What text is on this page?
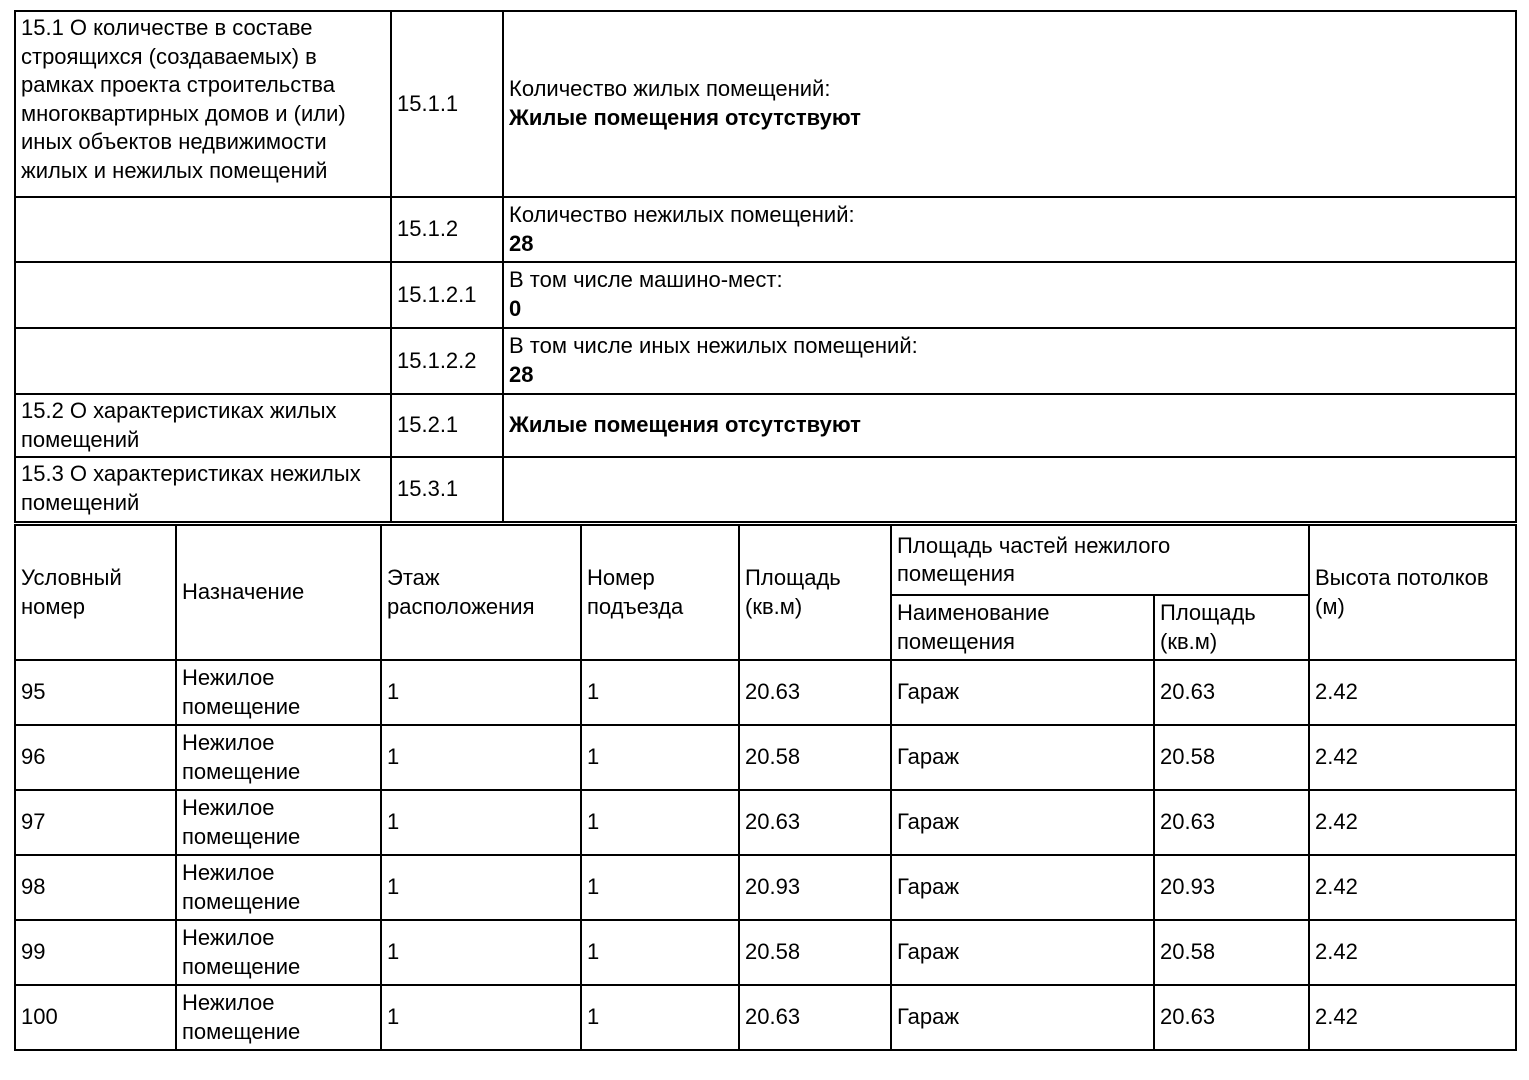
15.1 О количестве в составе строящихся (создаваемых) в рамках проекта строительства многоквартирных домов и (или) иных объектов недвижимости жилых и нежилых помещений	15.1.1	Количество жилых помещений:
Жилые помещения отсутствуют

	15.1.2	Количество нежилых помещений:
28

	15.1.2.1	В том числе машино-мест:
0

	15.1.2.2	В том числе иных нежилых помещений:
28

15.2 О характеристиках жилых помещений	15.2.1	Жилые помещения отсутствуют

15.3 О характеристиках нежилых помещений	15.3.1	
Условный номер	Назначение	Этаж расположения	Номер подъезда	Площадь (кв.м)	Площадь частей нежилого помещения		Высота потолков (м)

					Наименование помещения	Площадь (кв.м)	

95	Нежилое помещение	1	1	20.63	Гараж	20.63	2.42
96	Нежилое помещение	1	1	20.58	Гараж	20.58	2.42
97	Нежилое помещение	1	1	20.63	Гараж	20.63	2.42
98	Нежилое помещение	1	1	20.93	Гараж	20.93	2.42
99	Нежилое помещение	1	1	20.58	Гараж	20.58	2.42
100	Нежилое помещение	1	1	20.63	Гараж	20.63	2.42
